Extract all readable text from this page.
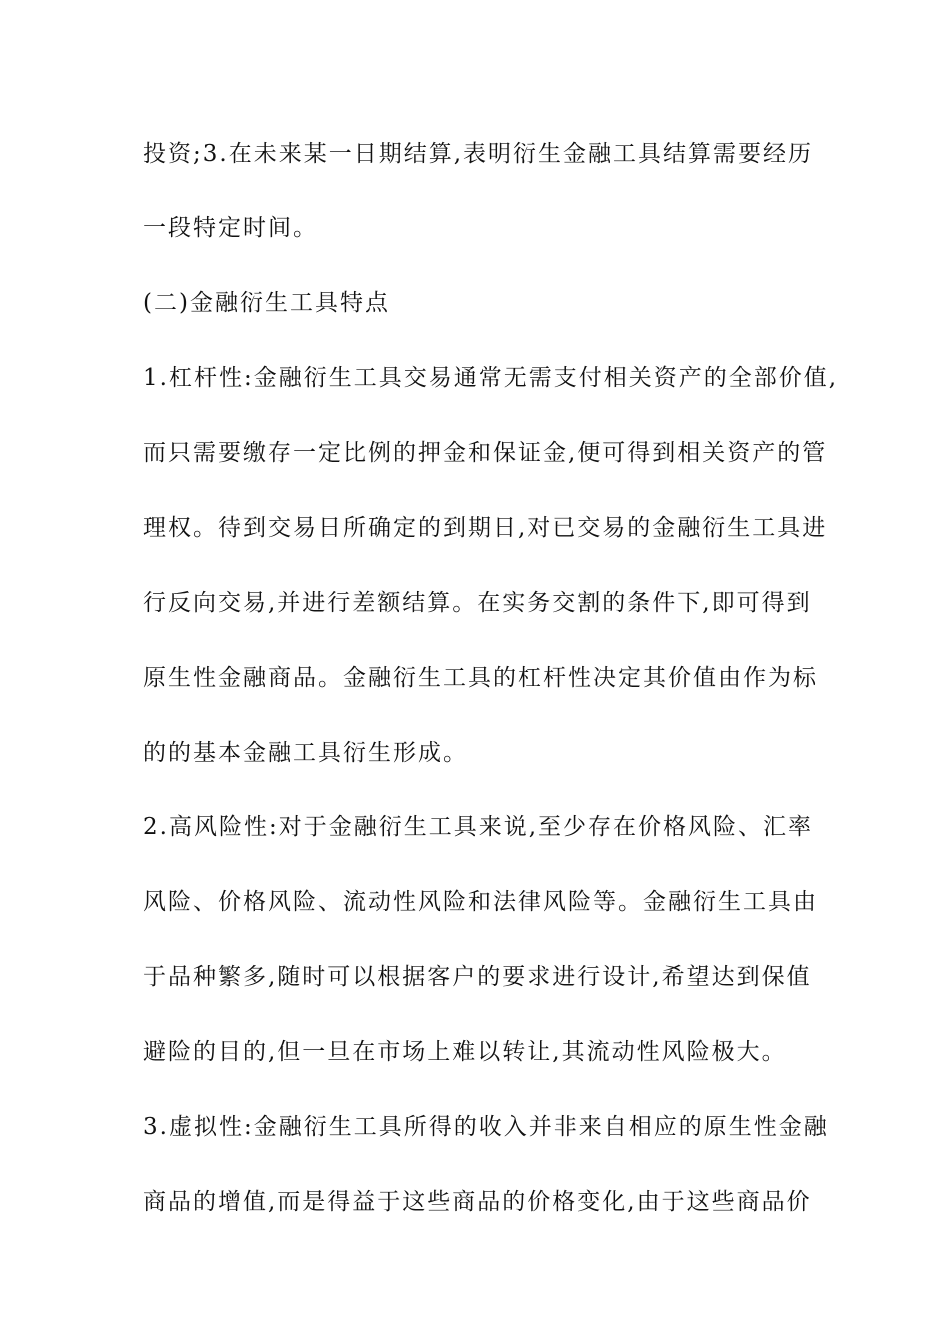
投资;3.在未来某一日期结算,表明衍生金融工具结算需要经历
一段特定时间。
(二)金融衍生工具特点
1.杠杆性:金融衍生工具交易通常无需支付相关资产的全部价值,
而只需要缴存一定比例的押金和保证金,便可得到相关资产的管
理权。待到交易日所确定的到期日,对已交易的金融衍生工具进
行反向交易,并进行差额结算。在实务交割的条件下,即可得到
原生性金融商品。金融衍生工具的杠杆性决定其价值由作为标
的的基本金融工具衍生形成。
2.高风险性:对于金融衍生工具来说,至少存在价格风险、汇率
风险、价格风险、流动性风险和法律风险等。金融衍生工具由
于品种繁多,随时可以根据客户的要求进行设计,希望达到保值
避险的目的,但一旦在市场上难以转让,其流动性风险极大。
3.虚拟性:金融衍生工具所得的收入并非来自相应的原生性金融
商品的增值,而是得益于这些商品的价格变化,由于这些商品价
